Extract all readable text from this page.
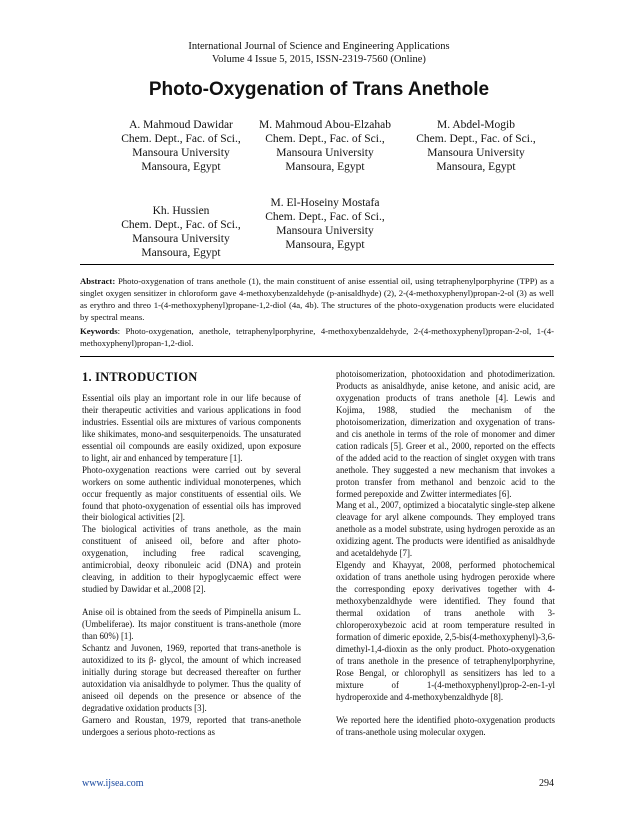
International Journal of Science and Engineering Applications
Volume 4 Issue 5, 2015, ISSN-2319-7560 (Online)
Photo-Oxygenation of Trans Anethole
A. Mahmoud Dawidar
Chem. Dept., Fac. of Sci.,
Mansoura University
Mansoura, Egypt
M. Mahmoud Abou-Elzahab
Chem. Dept., Fac. of Sci.,
Mansoura University
Mansoura, Egypt
M. Abdel-Mogib
Chem. Dept., Fac. of Sci.,
Mansoura University
Mansoura, Egypt
Kh. Hussien
Chem. Dept., Fac. of Sci.,
Mansoura University
Mansoura, Egypt
M. El-Hoseiny Mostafa
Chem. Dept., Fac. of Sci.,
Mansoura University
Mansoura, Egypt
Abstract: Photo-oxygenation of trans anethole (1), the main constituent of anise essential oil, using tetraphenylporphyrine (TPP) as a singlet oxygen sensitizer in chloroform gave 4-methoxybenzaldehyde (p-anisaldhyde) (2), 2-(4-methoxyphenyl)propan-2-ol (3) as well as erythro and threo 1-(4-methoxyphenyl)propane-1,2-diol (4a, 4b). The structures of the photo-oxygenation products were elucidated by spectral means.
Keywords: Photo-oxygenation, anethole, tetraphenylporphyrine, 4-methoxybenzaldehyde, 2-(4-methoxyphenyl)propan-2-ol, 1-(4-methoxyphenyl)propan-1,2-diol.
1. INTRODUCTION

Essential oils play an important role in our life because of their therapeutic activities and various applications in food industries. Essential oils are mixtures of various components like shikimates, mono-and sesquiterpenoids. The unsaturated essential oil compounds are easily oxidized, upon exposure to light, air and enhanced by temperature [1].

Photo-oxygenation reactions were carried out by several workers on some authentic individual monoterpenes, which occur frequently as major constituents of essential oils. We found that photo-oxygenation of essential oils has improved their biological activities [2].

The biological activities of trans anethole, as the main constituent of aniseed oil, before and after photo-oxygenation, including free radical scavenging, antimicrobial, deoxy ribonuleic acid (DNA) and protein cleaving, in addition to their hypoglycaemic effect were studied by Dawidar et al.,2008 [2].

Anise oil is obtained from the seeds of Pimpinella anisum L. (Umbeliferae). Its major constituent is trans-anethole (more than 60%) [1].

Schantz and Juvonen, 1969, reported that trans-anethole is autoxidized to its β- glycol, the amount of which increased initially during storage but decreased thereafter on further autoxidation via anisaldhyde to polymer. Thus the quality of aniseed oil depends on the presence or absence of the degradative oxidation products [3].

Garnero and Roustan, 1979, reported that trans-anethole undergoes a serious photo-rections as

photoisomerization, photooxidation and photodimerization. Products as anisaldhyde, anise ketone, and anisic acid, are oxygenation products of trans anethole [4]. Lewis and Kojima, 1988, studied the mechanism of the photoisomerization, dimerization and oxygenation of trans- and cis anethole in terms of the role of monomer and dimer cation radicals [5]. Greer et al., 2000, reported on the effects of the added acid to the reaction of singlet oxygen with trans anethole. They suggested a new mechanism that invokes a proton transfer from methanol and benzoic acid to the formed perepoxide and Zwitter intermediates [6].

Mang et al., 2007, optimized a biocatalytic single-step alkene cleavage for aryl alkene compounds. They employed trans anethole as a model substrate, using hydrogen peroxide as an oxidizing agent. The products were identified as anisaldhyde and acetaldehyde [7].

Elgendy and Khayyat, 2008, performed photochemical oxidation of trans anethole using hydrogen peroxide where the corresponding epoxy derivatives together with 4-methoxybenzaldhyde were identified. They found that thermal oxidation of trans anethole with 3-chloroperoxybezoic acid at room temperature resulted in formation of dimeric epoxide, 2,5-bis(4-methoxyphenyl)-3,6-dimethyl-1,4-dioxin as the only product. Photo-oxygenation of trans anethole in the presence of tetraphenylporphyrine, Rose Bengal, or chlorophyll as sensitizers has led to a mixture of 1-(4-methoxyphenyl)prop-2-en-1-yl hydroperoxide and 4-methoxybenzaldhyde [8].

We reported here the identified photo-oxygenation products of trans-anethole using molecular oxygen.

www.ijsea.com	294
